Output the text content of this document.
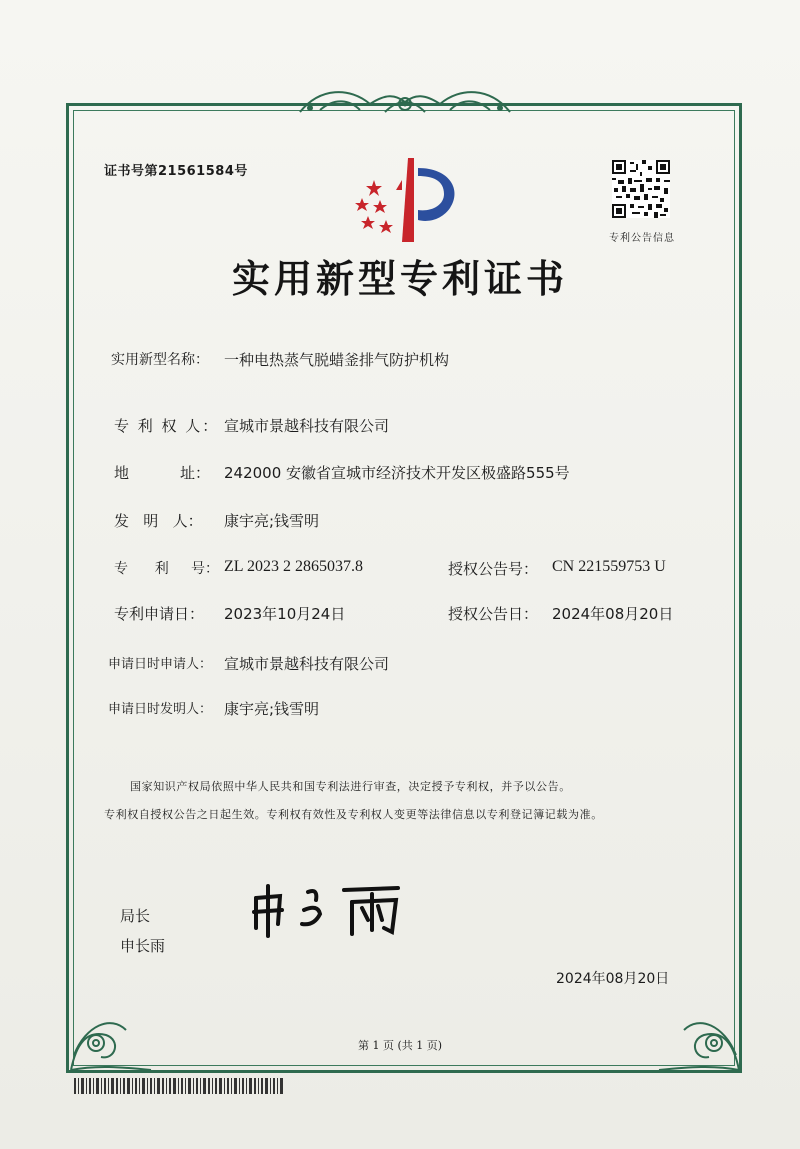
证书号第21561584号
专利公告信息
实用新型专利证书
实用新型名称： 一种电热蒸气脱蜡釜排气防护机构
专 利 权 人： 宣城市景越科技有限公司
地	址： 242000 安徽省宣城市经济技术开发区极盛路555号
发   明   人： 康宇亮;钱雪明
专      利     号： ZL 2023 2 2865037.8	授权公告号： CN 221559753 U
专利申请日： 2023年10月24日	授权公告日： 2024年08月20日
申请日时申请人： 宣城市景越科技有限公司
申请日时发明人： 康宇亮;钱雪明
国家知识产权局依照中华人民共和国专利法进行审查，决定授予专利权，并予以公告。
专利权自授权公告之日起生效。专利权有效性及专利权人变更等法律信息以专利登记簿记载为准。
局长
申长雨
2024年08月20日
第 1 页 (共 1 页)
